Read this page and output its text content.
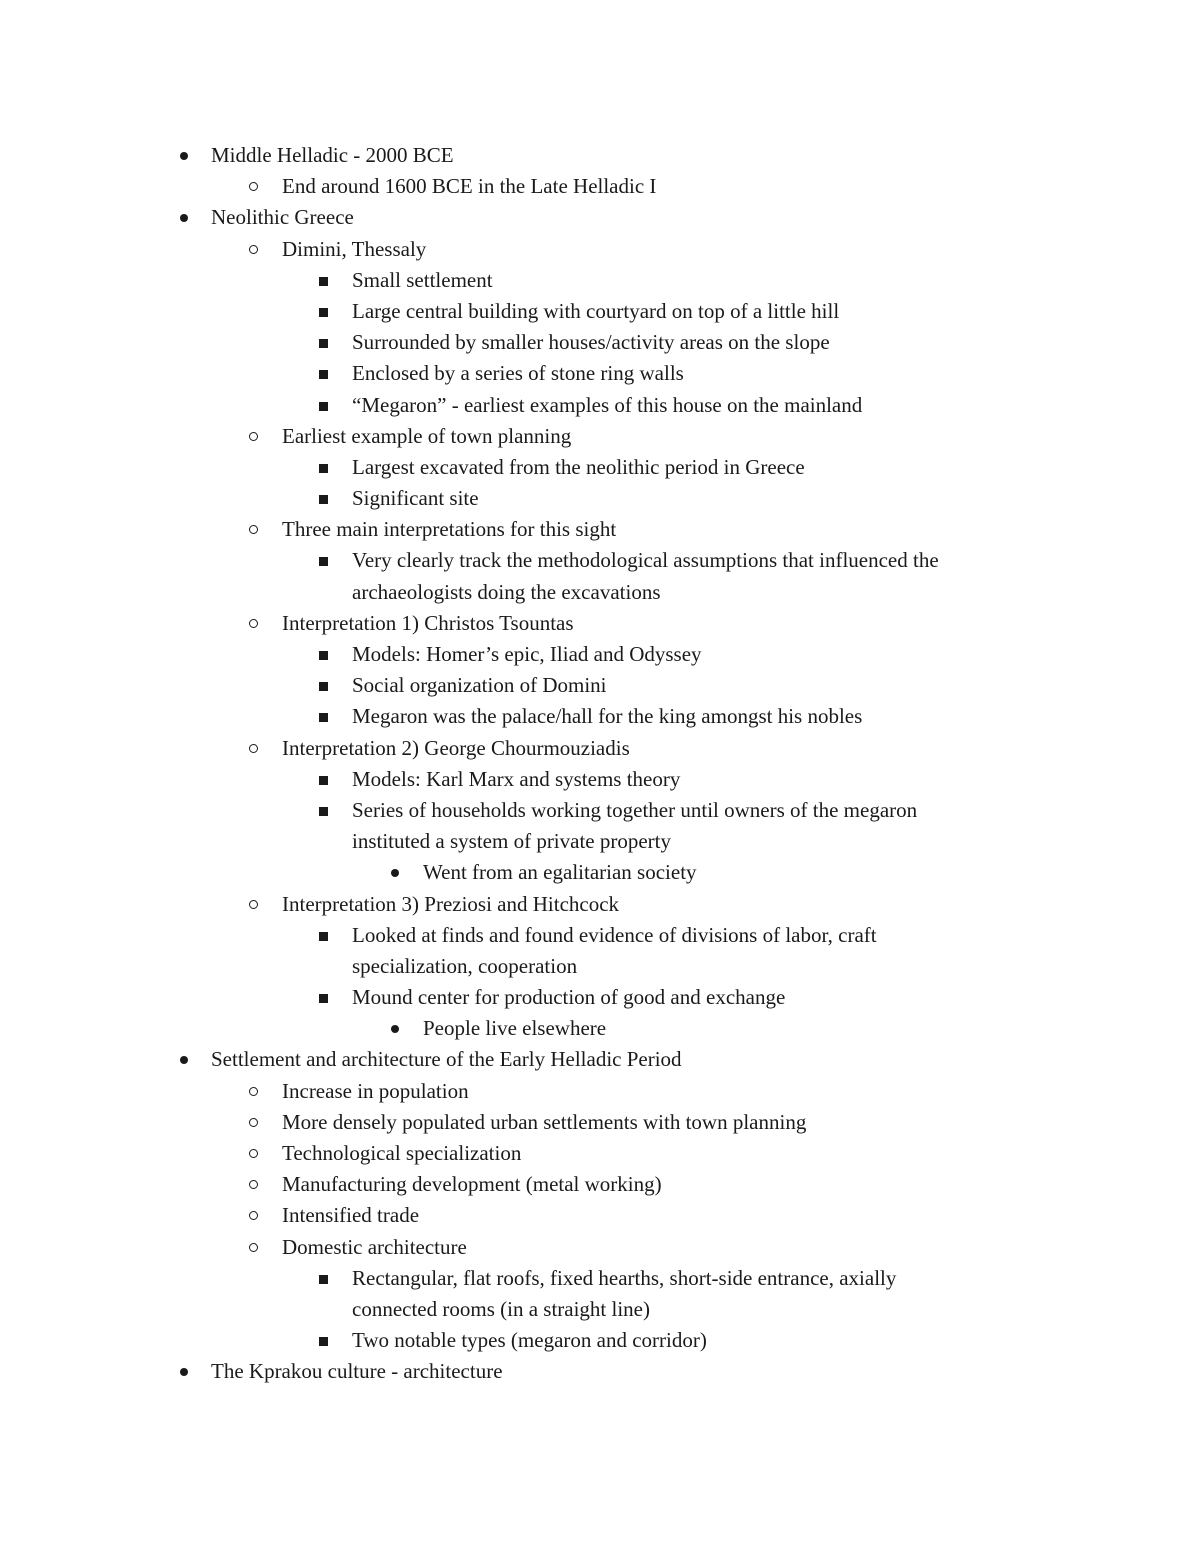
Middle Helladic - 2000 BCE
End around 1600 BCE in the Late Helladic I
Neolithic Greece
Dimini, Thessaly
Small settlement
Large central building with courtyard on top of a little hill
Surrounded by smaller houses/activity areas on the slope
Enclosed by a series of stone ring walls
“Megaron” - earliest examples of this house on the mainland
Earliest example of town planning
Largest excavated from the neolithic period in Greece
Significant site
Three main interpretations for this sight
Very clearly track the methodological assumptions that influenced the
archaeologists doing the excavations
Interpretation 1) Christos Tsountas
Models: Homer’s epic, Iliad and Odyssey
Social organization of Domini
Megaron was the palace/hall for the king amongst his nobles
Interpretation 2) George Chourmouziadis
Models: Karl Marx and systems theory
Series of households working together until owners of the megaron
instituted a system of private property
Went from an egalitarian society
Interpretation 3) Preziosi and Hitchcock
Looked at finds and found evidence of divisions of labor, craft
specialization, cooperation
Mound center for production of good and exchange
People live elsewhere
Settlement and architecture of the Early Helladic Period
Increase in population
More densely populated urban settlements with town planning
Technological specialization
Manufacturing development (metal working)
Intensified trade
Domestic architecture
Rectangular, flat roofs, fixed hearths, short-side entrance, axially
connected rooms (in a straight line)
Two notable types (megaron and corridor)
The Kprakou culture - architecture
